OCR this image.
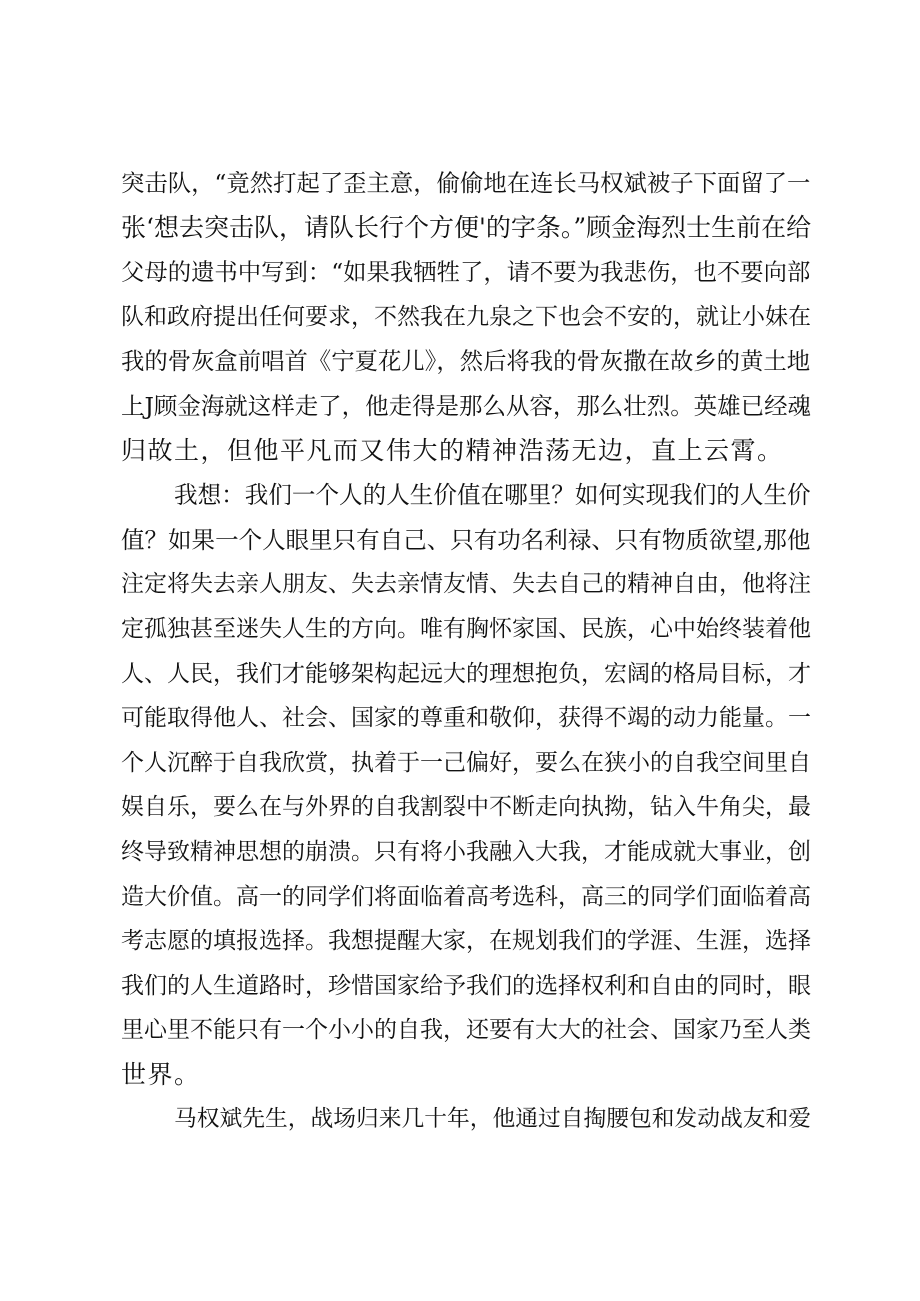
突击队，“竟然打起了歪主意，偷偷地在连长马权斌被子下面留了一
张‘想去突击队，请队长行个方便'的字条。”顾金海烈士生前在给
父母的遗书中写到：“如果我牺牲了，请不要为我悲伤，也不要向部
队和政府提出任何要求，不然我在九泉之下也会不安的，就让小妹在
我的骨灰盒前唱首《宁夏花儿》，然后将我的骨灰撒在故乡的黄土地
上J顾金海就这样走了，他走得是那么从容，那么壮烈。英雄已经魂
归故土，但他平凡而又伟大的精神浩荡无边，直上云霄。
我想：我们一个人的人生价值在哪里？如何实现我们的人生价
值？如果一个人眼里只有自己、只有功名利禄、只有物质欲望,那他
注定将失去亲人朋友、失去亲情友情、失去自己的精神自由，他将注
定孤独甚至迷失人生的方向。唯有胸怀家国、民族，心中始终装着他
人、人民，我们才能够架构起远大的理想抱负，宏阔的格局目标，才
可能取得他人、社会、国家的尊重和敬仰，获得不竭的动力能量。一
个人沉醉于自我欣赏，执着于一己偏好，要么在狭小的自我空间里自
娱自乐，要么在与外界的自我割裂中不断走向执拗，钻入牛角尖，最
终导致精神思想的崩溃。只有将小我融入大我，才能成就大事业，创
造大价值。高一的同学们将面临着高考选科，高三的同学们面临着高
考志愿的填报选择。我想提醒大家，在规划我们的学涯、生涯，选择
我们的人生道路时，珍惜国家给予我们的选择权利和自由的同时，眼
里心里不能只有一个小小的自我，还要有大大的社会、国家乃至人类
世界。
马权斌先生，战场归来几十年，他通过自掏腰包和发动战友和爱
